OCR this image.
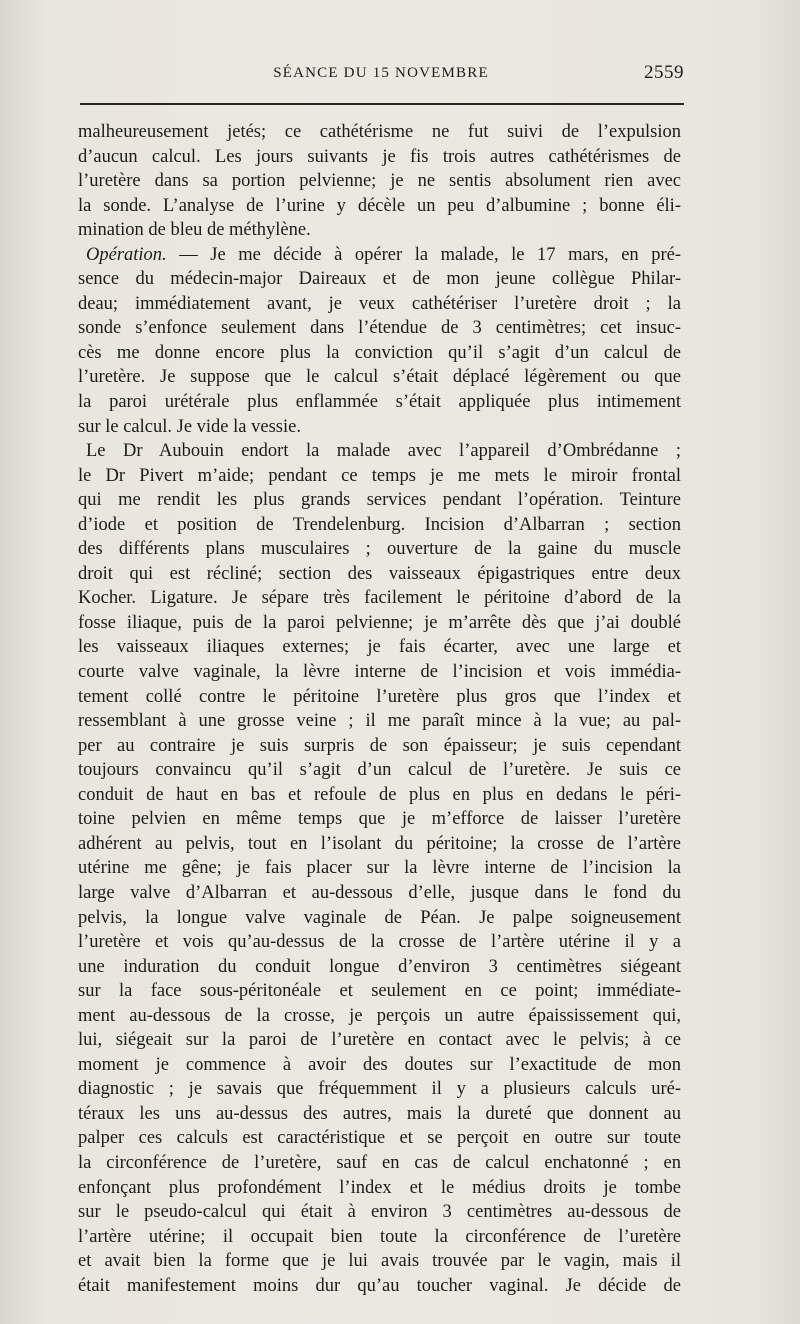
SÉANCE DU 15 NOVEMBRE	2559
malheureusement jetés; ce cathétérisme ne fut suivi de l’expulsion
d’aucun calcul. Les jours suivants je fis trois autres cathétérismes de
l’uretère dans sa portion pelvienne; je ne sentis absolument rien avec
la sonde. L’analyse de l’urine y décèle un peu d’albumine ; bonne éli-
mination de bleu de méthylène.
Opération. — Je me décide à opérer la malade, le 17 mars, en pré-
sence du médecin-major Daireaux et de mon jeune collègue Philar-
deau; immédiatement avant, je veux cathétériser l’uretère droit ; la
sonde s’enfonce seulement dans l’étendue de 3 centimètres; cet insuc-
cès me donne encore plus la conviction qu’il s’agit d’un calcul de
l’uretère. Je suppose que le calcul s’était déplacé légèrement ou que
la paroi urétérale plus enflammée s’était appliquée plus intimement
sur le calcul. Je vide la vessie.
Le Dr Aubouin endort la malade avec l’appareil d’Ombrédanne ;
le Dr Pivert m’aide; pendant ce temps je me mets le miroir frontal
qui me rendit les plus grands services pendant l’opération. Teinture
d’iode et position de Trendelenburg. Incision d’Albarran ; section
des différents plans musculaires ; ouverture de la gaine du muscle
droit qui est récliné; section des vaisseaux épigastriques entre deux
Kocher. Ligature. Je sépare très facilement le péritoine d’abord de la
fosse iliaque, puis de la paroi pelvienne; je m’arrête dès que j’ai doublé
les vaisseaux iliaques externes; je fais écarter, avec une large et
courte valve vaginale, la lèvre interne de l’incision et vois immédia-
tement collé contre le péritoine l’uretère plus gros que l’index et
ressemblant à une grosse veine ; il me paraît mince à la vue; au pal-
per au contraire je suis surpris de son épaisseur; je suis cependant
toujours convaincu qu’il s’agit d’un calcul de l’uretère. Je suis ce
conduit de haut en bas et refoule de plus en plus en dedans le péri-
toine pelvien en même temps que je m’efforce de laisser l’uretère
adhérent au pelvis, tout en l’isolant du péritoine; la crosse de l’artère
utérine me gêne; je fais placer sur la lèvre interne de l’incision la
large valve d’Albarran et au-dessous d’elle, jusque dans le fond du
pelvis, la longue valve vaginale de Péan. Je palpe soigneusement
l’uretère et vois qu’au-dessus de la crosse de l’artère utérine il y a
une induration du conduit longue d’environ 3 centimètres siégeant
sur la face sous-péritonéale et seulement en ce point; immédiate-
ment au-dessous de la crosse, je perçois un autre épaississement qui,
lui, siégeait sur la paroi de l’uretère en contact avec le pelvis; à ce
moment je commence à avoir des doutes sur l’exactitude de mon
diagnostic ; je savais que fréquemment il y a plusieurs calculs uré-
téraux les uns au-dessus des autres, mais la dureté que donnent au
palper ces calculs est caractéristique et se perçoit en outre sur toute
la circonférence de l’uretère, sauf en cas de calcul enchatonné ; en
enfonçant plus profondément l’index et le médius droits je tombe
sur le pseudo-calcul qui était à environ 3 centimètres au-dessous de
l’artère utérine; il occupait bien toute la circonférence de l’uretère
et avait bien la forme que je lui avais trouvée par le vagin, mais il
était manifestement moins dur qu’au toucher vaginal. Je décide de
